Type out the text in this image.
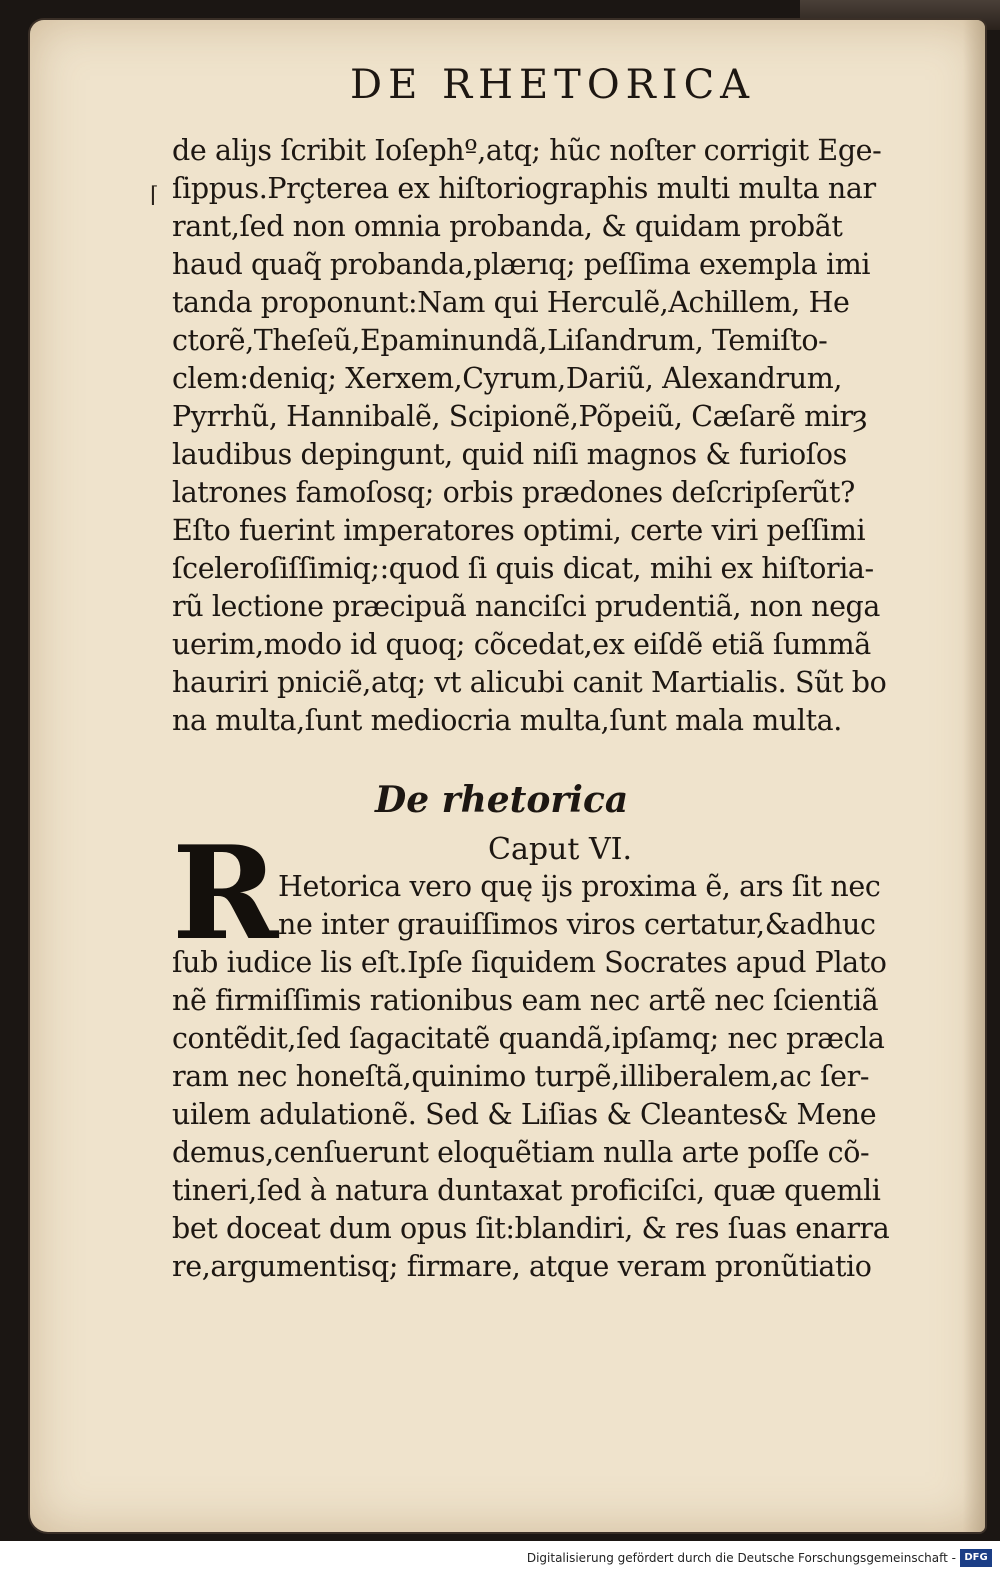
DE RHETORICA
⌈
de aliȷs ſcribit Ioſephº,atq; hũc noſter corrigit Ege-
ſippus.Prçterea ex hiſtoriographis multi multa nar
rant,ſed non omnia probanda, & quidam probãt
haud quaq̃ probanda,plærıq; peſſima exempla imi
tanda proponunt:Nam qui Herculẽ,Achillem, He
ctorẽ,Theſeũ,Epaminundã,Liſandrum, Temiſto-
clem:deniq; Xerxem,Cyrum,Dariũ, Alexandrum,
Pyrrhũ, Hannibalẽ, Scipionẽ,Põpeiũ, Cæſarẽ mirȝ
laudibus depingunt, quid niſi magnos & furioſos
latrones famoſosq; orbis prædones deſcripſerũt?
Eſto fuerint imperatores optimi, certe viri peſſimi
ſceleroſiſſimiq;:quod ſi quis dicat, mihi ex hiſtoria-
rũ lectione præcipuã nanciſci prudentiã, non nega
uerim,modo id quoq; cõcedat,ex eiſdẽ etiã ſummã
hauriri pniciẽ,atq; vt alicubi canit Martialis. Sũt bo
na multa,ſunt mediocria multa,ſunt mala multa.
De rhetorica
Caput VI.
R Hetorica vero quę ijs proxima ẽ, ars ſit nec
ne inter grauiſſimos viros certatur,&adhuc
ſub iudice lis eſt.Ipſe ſiquidem Socrates apud Plato
nẽ firmiſſimis rationibus eam nec artẽ nec ſcientiã
contẽdit,ſed ſagacitatẽ quandã,ipſamq; nec præcla
ram nec honeſtã,quinimo turpẽ,illiberalem,ac ſer-
uilem adulationẽ. Sed & Liſias & Cleantes& Mene
demus,cenſuerunt eloquẽtiam nulla arte poſſe cõ-
tineri,ſed à natura duntaxat proficiſci, quæ quemli
bet doceat dum opus ſit:blandiri, & res ſuas enarra
re,argumentisq; firmare, atque veram pronũtiatio
Digitalisierung gefördert durch die Deutsche Forschungsgemeinschaft - DFG
